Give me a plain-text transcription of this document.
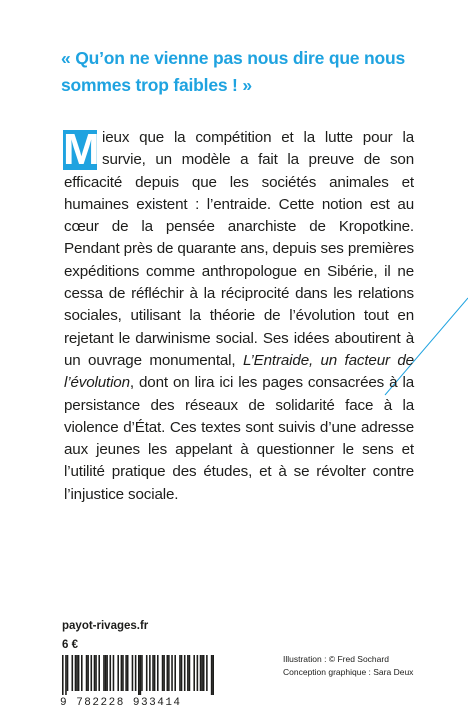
« Qu’on ne vienne pas nous dire que nous
sommes trop faibles ! »
M ieux que la compétition et la lutte pour la survie, un modèle a fait la preuve de son efficacité depuis que les sociétés animales et humaines existent : l’entraide. Cette notion est au cœur de la pensée anarchiste de Kropotkine. Pendant près de quarante ans, depuis ses premières expéditions comme anthropologue en Sibérie, il ne cessa de réfléchir à la réciprocité dans les relations sociales, utilisant la théorie de l’évolution tout en rejetant le darwinisme social. Ses idées aboutirent à un ouvrage monumental, L’Entraide, un facteur de l’évolution, dont on lira ici les pages consacrées à la persistance des réseaux de solidarité face à la violence d’État. Ces textes sont suivis d’une adresse aux jeunes les appelant à questionner le sens et l’utilité pratique des études, et à se révolter contre l’injustice sociale.
payot-rivages.fr
6 €
9 782228 933414
Illustration : © Fred Sochard
Conception graphique : Sara Deux
